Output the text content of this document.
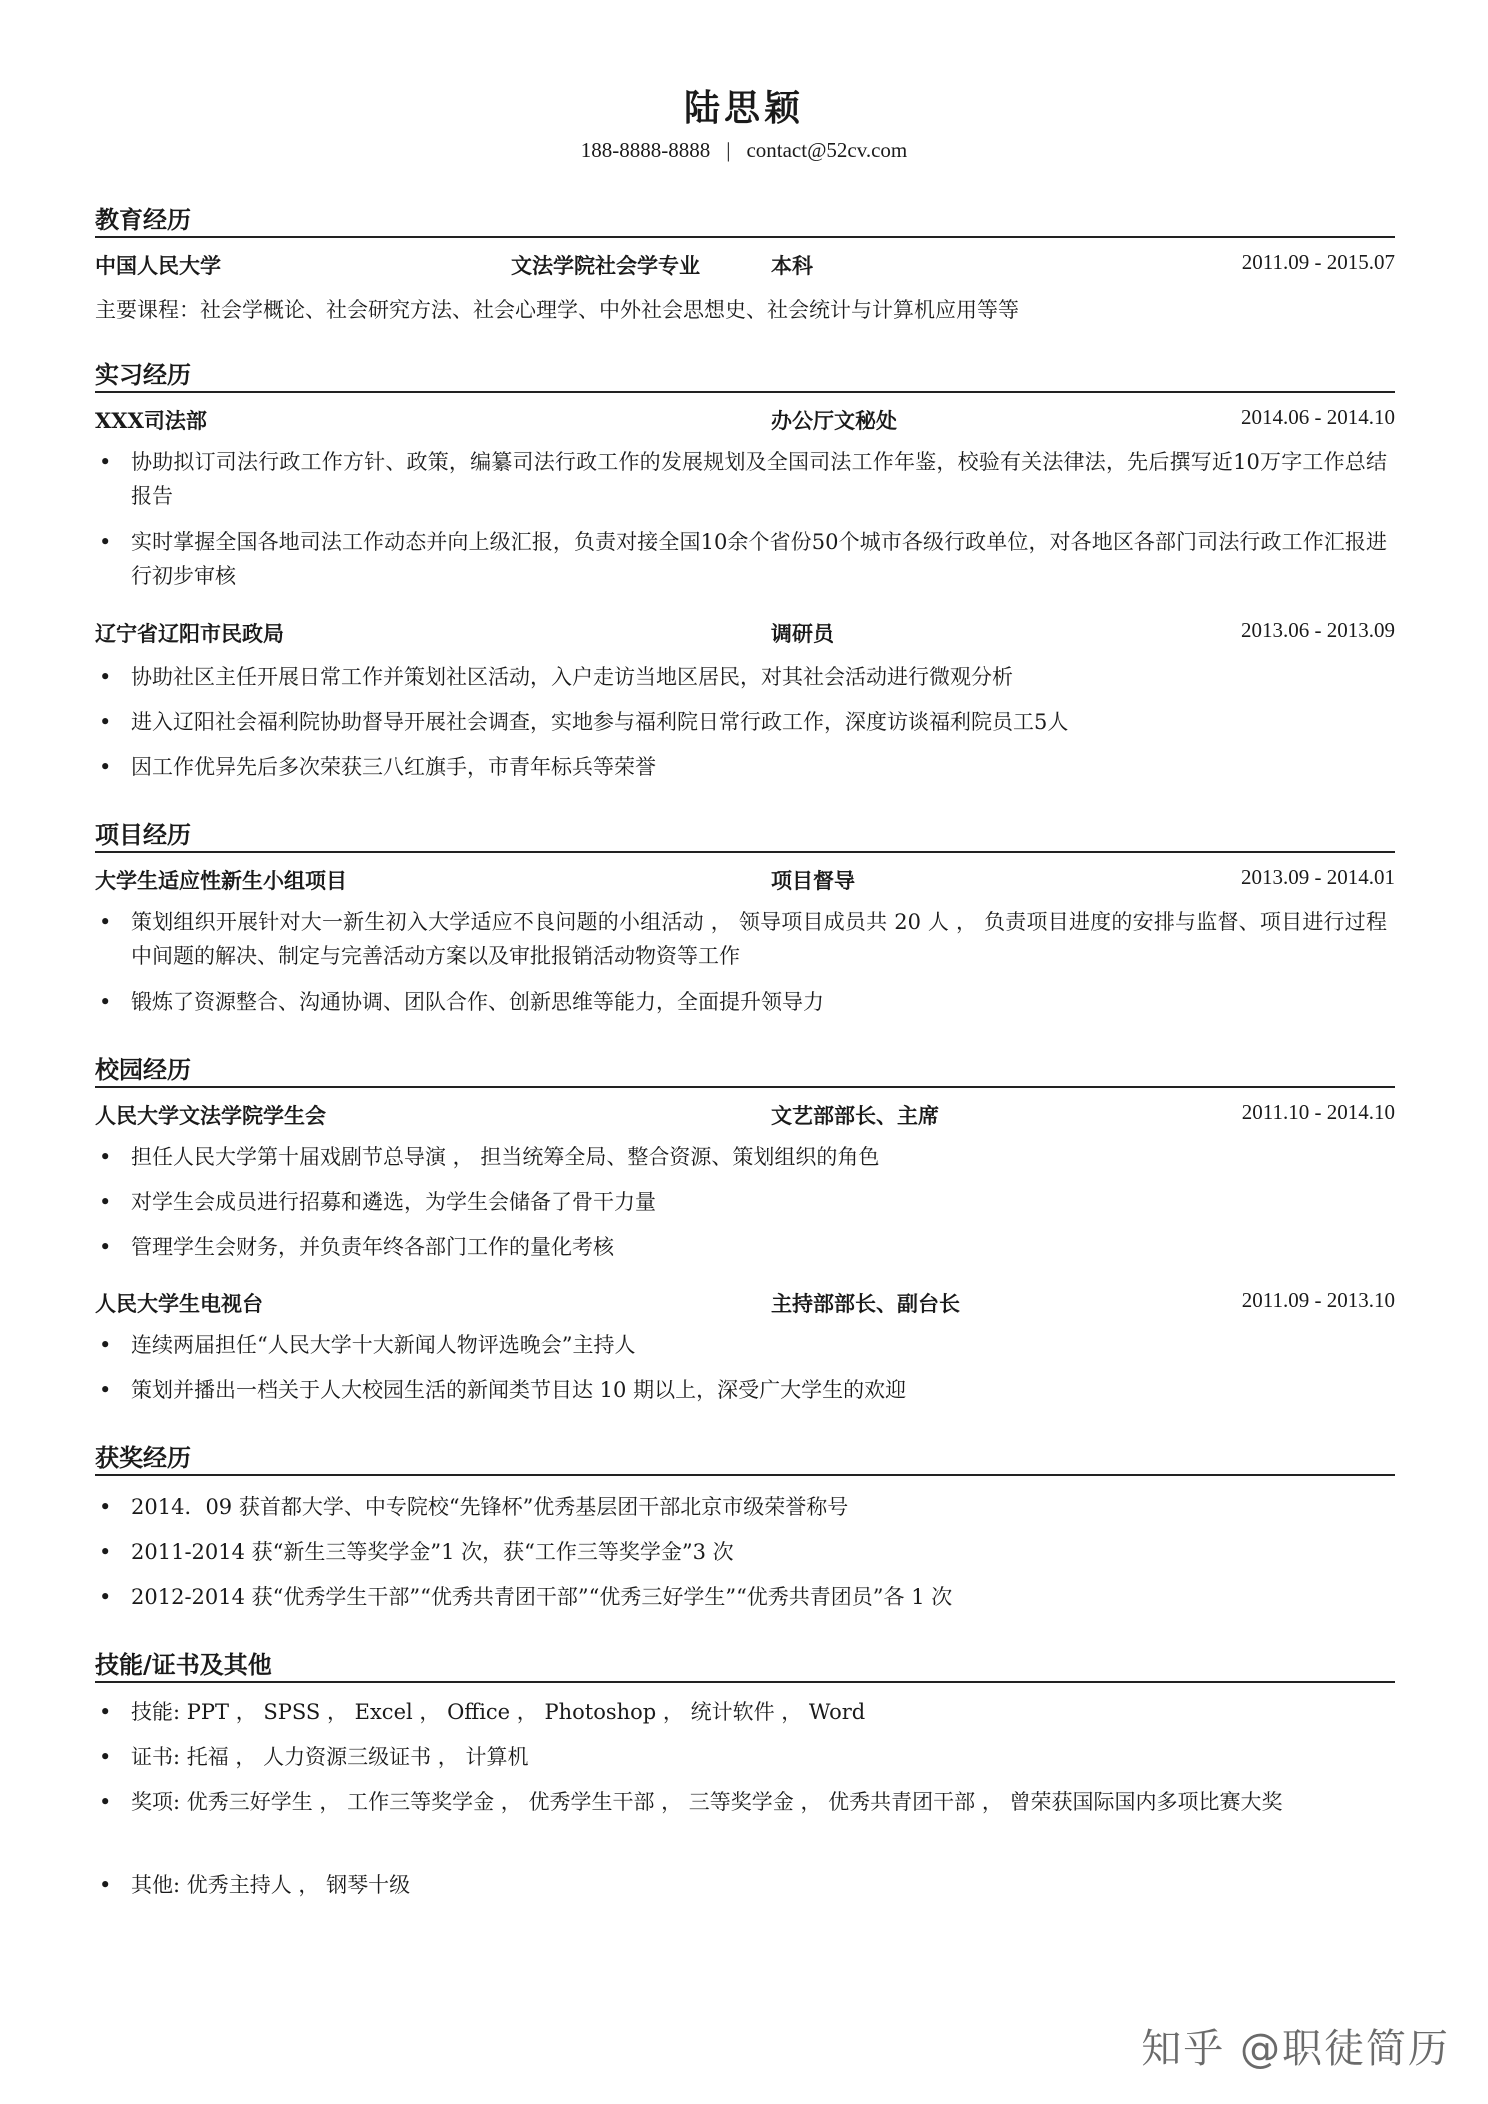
陆思颖
188-8888-8888 | contact@52cv.com
教育经历
中国人民大学	文法学院社会学专业	本科	2011.09 - 2015.07
主要课程：社会学概论、社会研究方法、社会心理学、中外社会思想史、社会统计与计算机应用等等
实习经历
XXX司法部	办公厅文秘处	2014.06 - 2014.10
• 协助拟订司法行政工作方针、政策，编纂司法行政工作的发展规划及全国司法工作年鉴，校验有关法律法，先后撰写近10万字工作总结报告
• 实时掌握全国各地司法工作动态并向上级汇报，负责对接全国10余个省份50个城市各级行政单位，对各地区各部门司法行政工作汇报进行初步审核
辽宁省辽阳市民政局	调研员	2013.06 - 2013.09
• 协助社区主任开展日常工作并策划社区活动，入户走访当地区居民，对其社会活动进行微观分析
• 进入辽阳社会福利院协助督导开展社会调查，实地参与福利院日常行政工作，深度访谈福利院员工5人
• 因工作优异先后多次荣获三八红旗手，市青年标兵等荣誉
项目经历
大学生适应性新生小组项目	项目督导	2013.09 - 2014.01
• 策划组织开展针对大一新生初入大学适应不良问题的小组活动 ， 领导项目成员共 20 人 ， 负责项目进度的安排与监督、项目进行过程中间题的解决、制定与完善活动方案以及审批报销活动物资等工作
• 锻炼了资源整合、沟通协调、团队合作、创新思维等能力，全面提升领导力
校园经历
人民大学文法学院学生会	文艺部部长、主席	2011.10 - 2014.10
• 担任人民大学第十届戏剧节总导演 ， 担当统筹全局、整合资源、策划组织的角色
• 对学生会成员进行招募和遴选，为学生会储备了骨干力量
• 管理学生会财务，并负责年终各部门工作的量化考核
人民大学生电视台	主持部部长、副台长	2011.09 - 2013.10
• 连续两届担任“人民大学十大新闻人物评选晚会”主持人
• 策划并播出一档关于人大校园生活的新闻类节目达 10 期以上，深受广大学生的欢迎
获奖经历
• 2014．09 获首都大学、中专院校“先锋杯”优秀基层团干部北京市级荣誉称号
• 2011-2014 获“新生三等奖学金”1 次，获“工作三等奖学金”3 次
• 2012-2014 获“优秀学生干部”“优秀共青团干部”“优秀三好学生”“优秀共青团员”各 1 次
技能/证书及其他
• 技能: PPT ， SPSS ， Excel ， Office ， Photoshop ， 统计软件 ， Word
• 证书: 托福 ， 人力资源三级证书 ， 计算机
• 奖项: 优秀三好学生 ， 工作三等奖学金 ， 优秀学生干部 ， 三等奖学金 ， 优秀共青团干部 ， 曾荣获国际国内多项比赛大奖
• 其他: 优秀主持人 ， 钢琴十级
知乎 @职徒简历
